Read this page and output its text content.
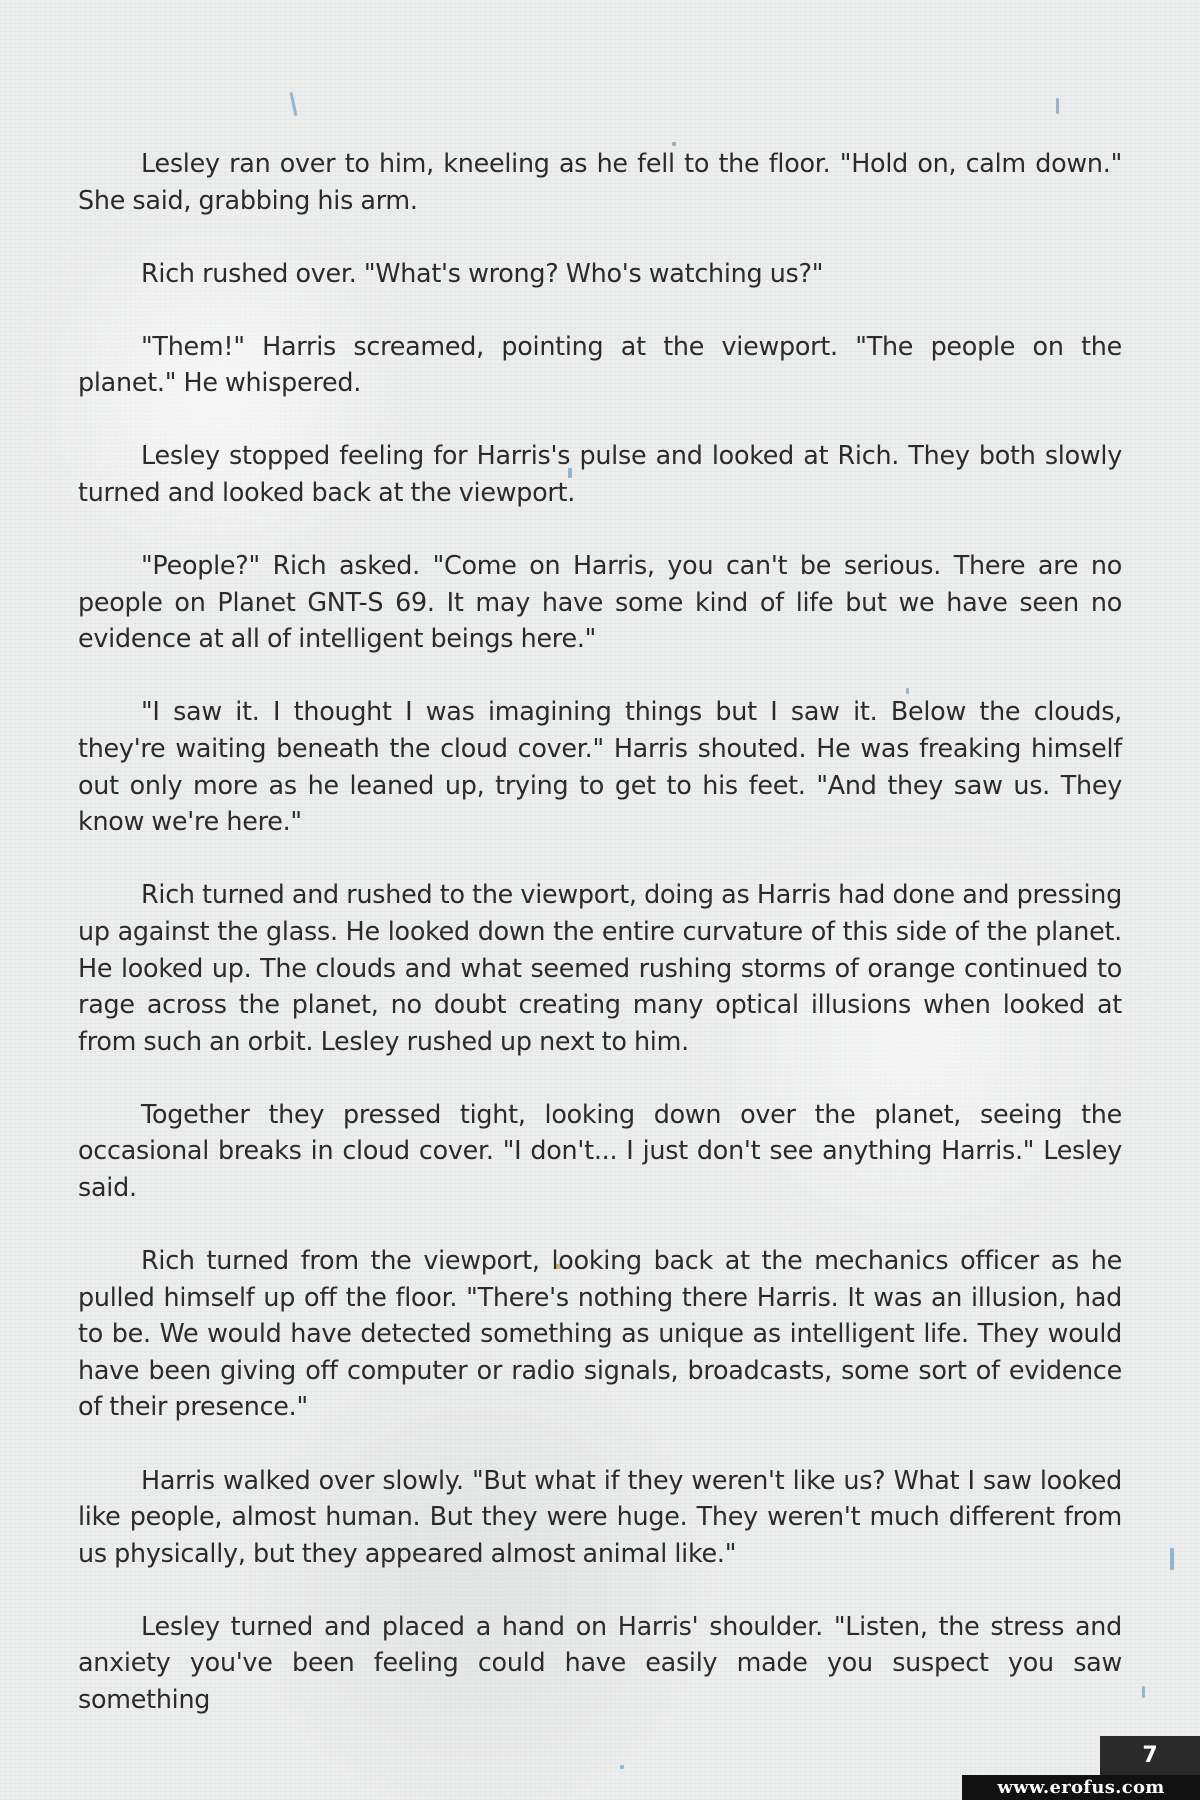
Lesley ran over to him, kneeling as he fell to the floor. "Hold on, calm down." She said, grabbing his arm.

Rich rushed over. "What's wrong? Who's watching us?"

"Them!" Harris screamed, pointing at the viewport. "The people on the planet." He whispered.

Lesley stopped feeling for Harris's pulse and looked at Rich. They both slowly turned and looked back at the viewport.

"People?" Rich asked. "Come on Harris, you can't be serious. There are no people on Planet GNT-S 69. It may have some kind of life but we have seen no evidence at all of intelligent beings here."

"I saw it. I thought I was imagining things but I saw it. Below the clouds, they're waiting beneath the cloud cover." Harris shouted. He was freaking himself out only more as he leaned up, trying to get to his feet. "And they saw us. They know we're here."

Rich turned and rushed to the viewport, doing as Harris had done and pressing up against the glass. He looked down the entire curvature of this side of the planet. He looked up. The clouds and what seemed rushing storms of orange continued to rage across the planet, no doubt creating many optical illusions when looked at from such an orbit. Lesley rushed up next to him.

Together they pressed tight, looking down over the planet, seeing the occasional breaks in cloud cover. "I don't... I just don't see anything Harris." Lesley said.

Rich turned from the viewport, looking back at the mechanics officer as he pulled himself up off the floor. "There's nothing there Harris. It was an illusion, had to be. We would have detected something as unique as intelligent life. They would have been giving off computer or radio signals, broadcasts, some sort of evidence of their presence."

Harris walked over slowly. "But what if they weren't like us? What I saw looked like people, almost human. But they were huge. They weren't much different from us physically, but they appeared almost animal like."

Lesley turned and placed a hand on Harris' shoulder. "Listen, the stress and anxiety you've been feeling could have easily made you suspect you saw something

7
www.erofus.com
